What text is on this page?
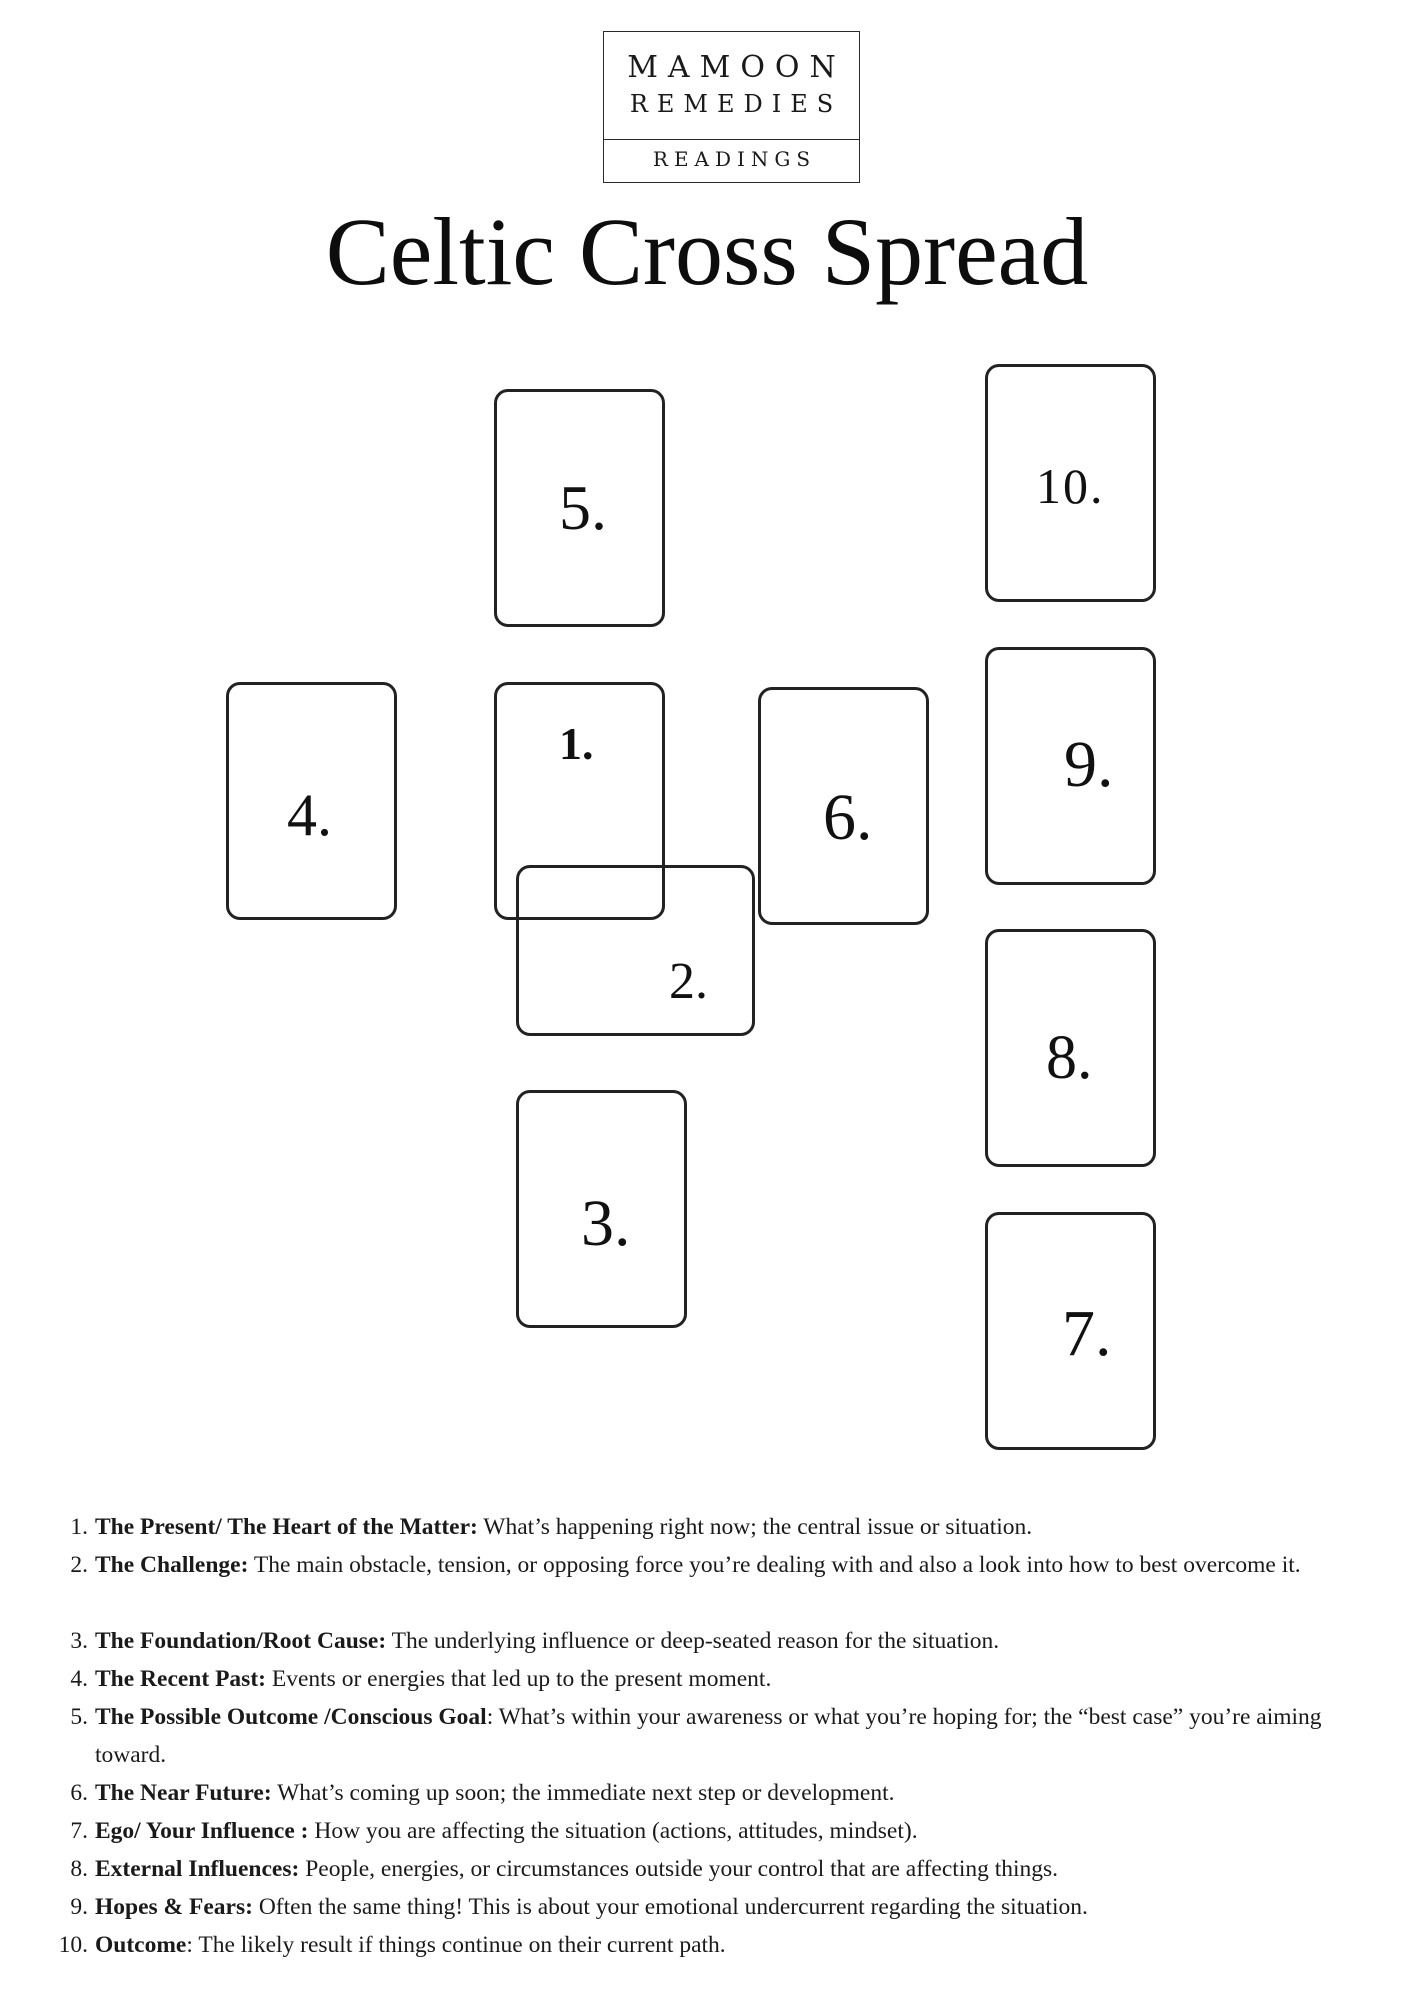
MAMOON
REMEDIES
READINGS
Celtic Cross Spread
5.	10.
4.
1.
2.
6.
9.
3.
8.
7.
1. The Present/ The Heart of the Matter: What’s happening right now; the central issue or situation.
2. The Challenge: The main obstacle, tension, or opposing force you’re dealing with and also a look into how to best overcome it.
3. The Foundation/Root Cause: The underlying influence or deep-seated reason for the situation.
4. The Recent Past: Events or energies that led up to the present moment.
5. The Possible Outcome /Conscious Goal: What’s within your awareness or what you’re hoping for; the “best case” you’re aiming toward.
6. The Near Future: What’s coming up soon; the immediate next step or development.
7. Ego/ Your Influence : How you are affecting the situation (actions, attitudes, mindset).
8. External Influences: People, energies, or circumstances outside your control that are affecting things.
9. Hopes & Fears: Often the same thing! This is about your emotional undercurrent regarding the situation.
10. Outcome: The likely result if things continue on their current path.
